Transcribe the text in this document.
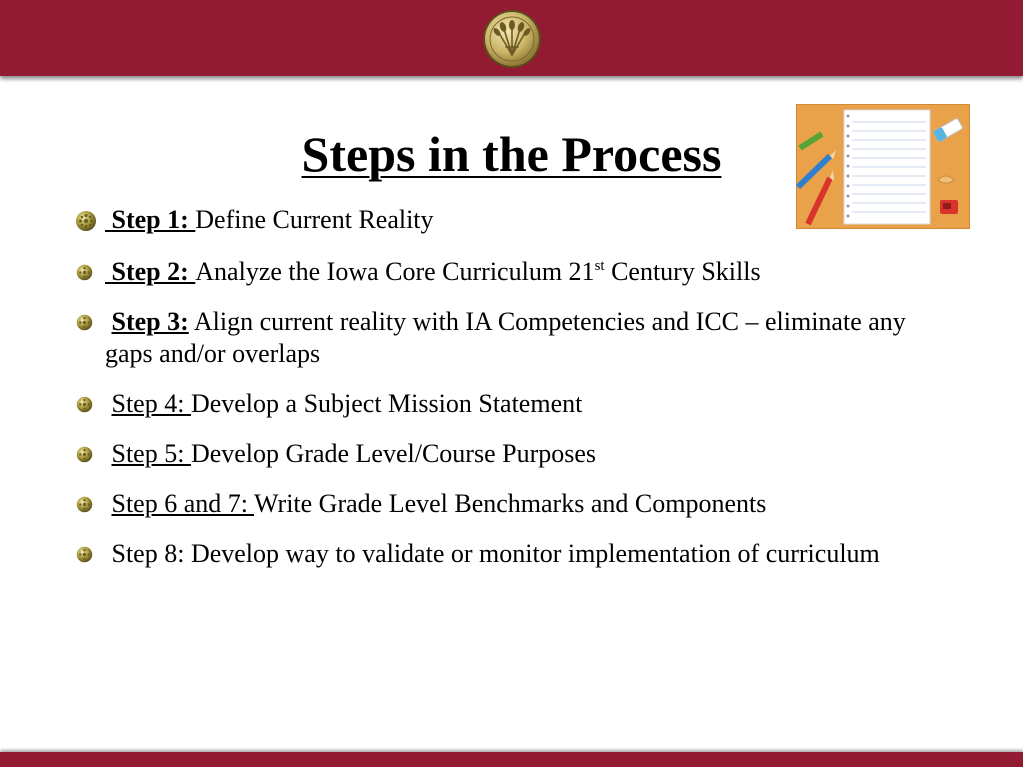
Steps in the Process
Step 1: Define Current Reality
Step 2: Analyze the Iowa Core Curriculum 21st Century Skills
Step 3: Align current reality with IA Competencies and ICC – eliminate any gaps and/or overlaps
Step 4: Develop a Subject Mission Statement
Step 5: Develop Grade Level/Course Purposes
Step 6 and 7: Write Grade Level Benchmarks and Components
Step 8: Develop way to validate or monitor implementation of curriculum
